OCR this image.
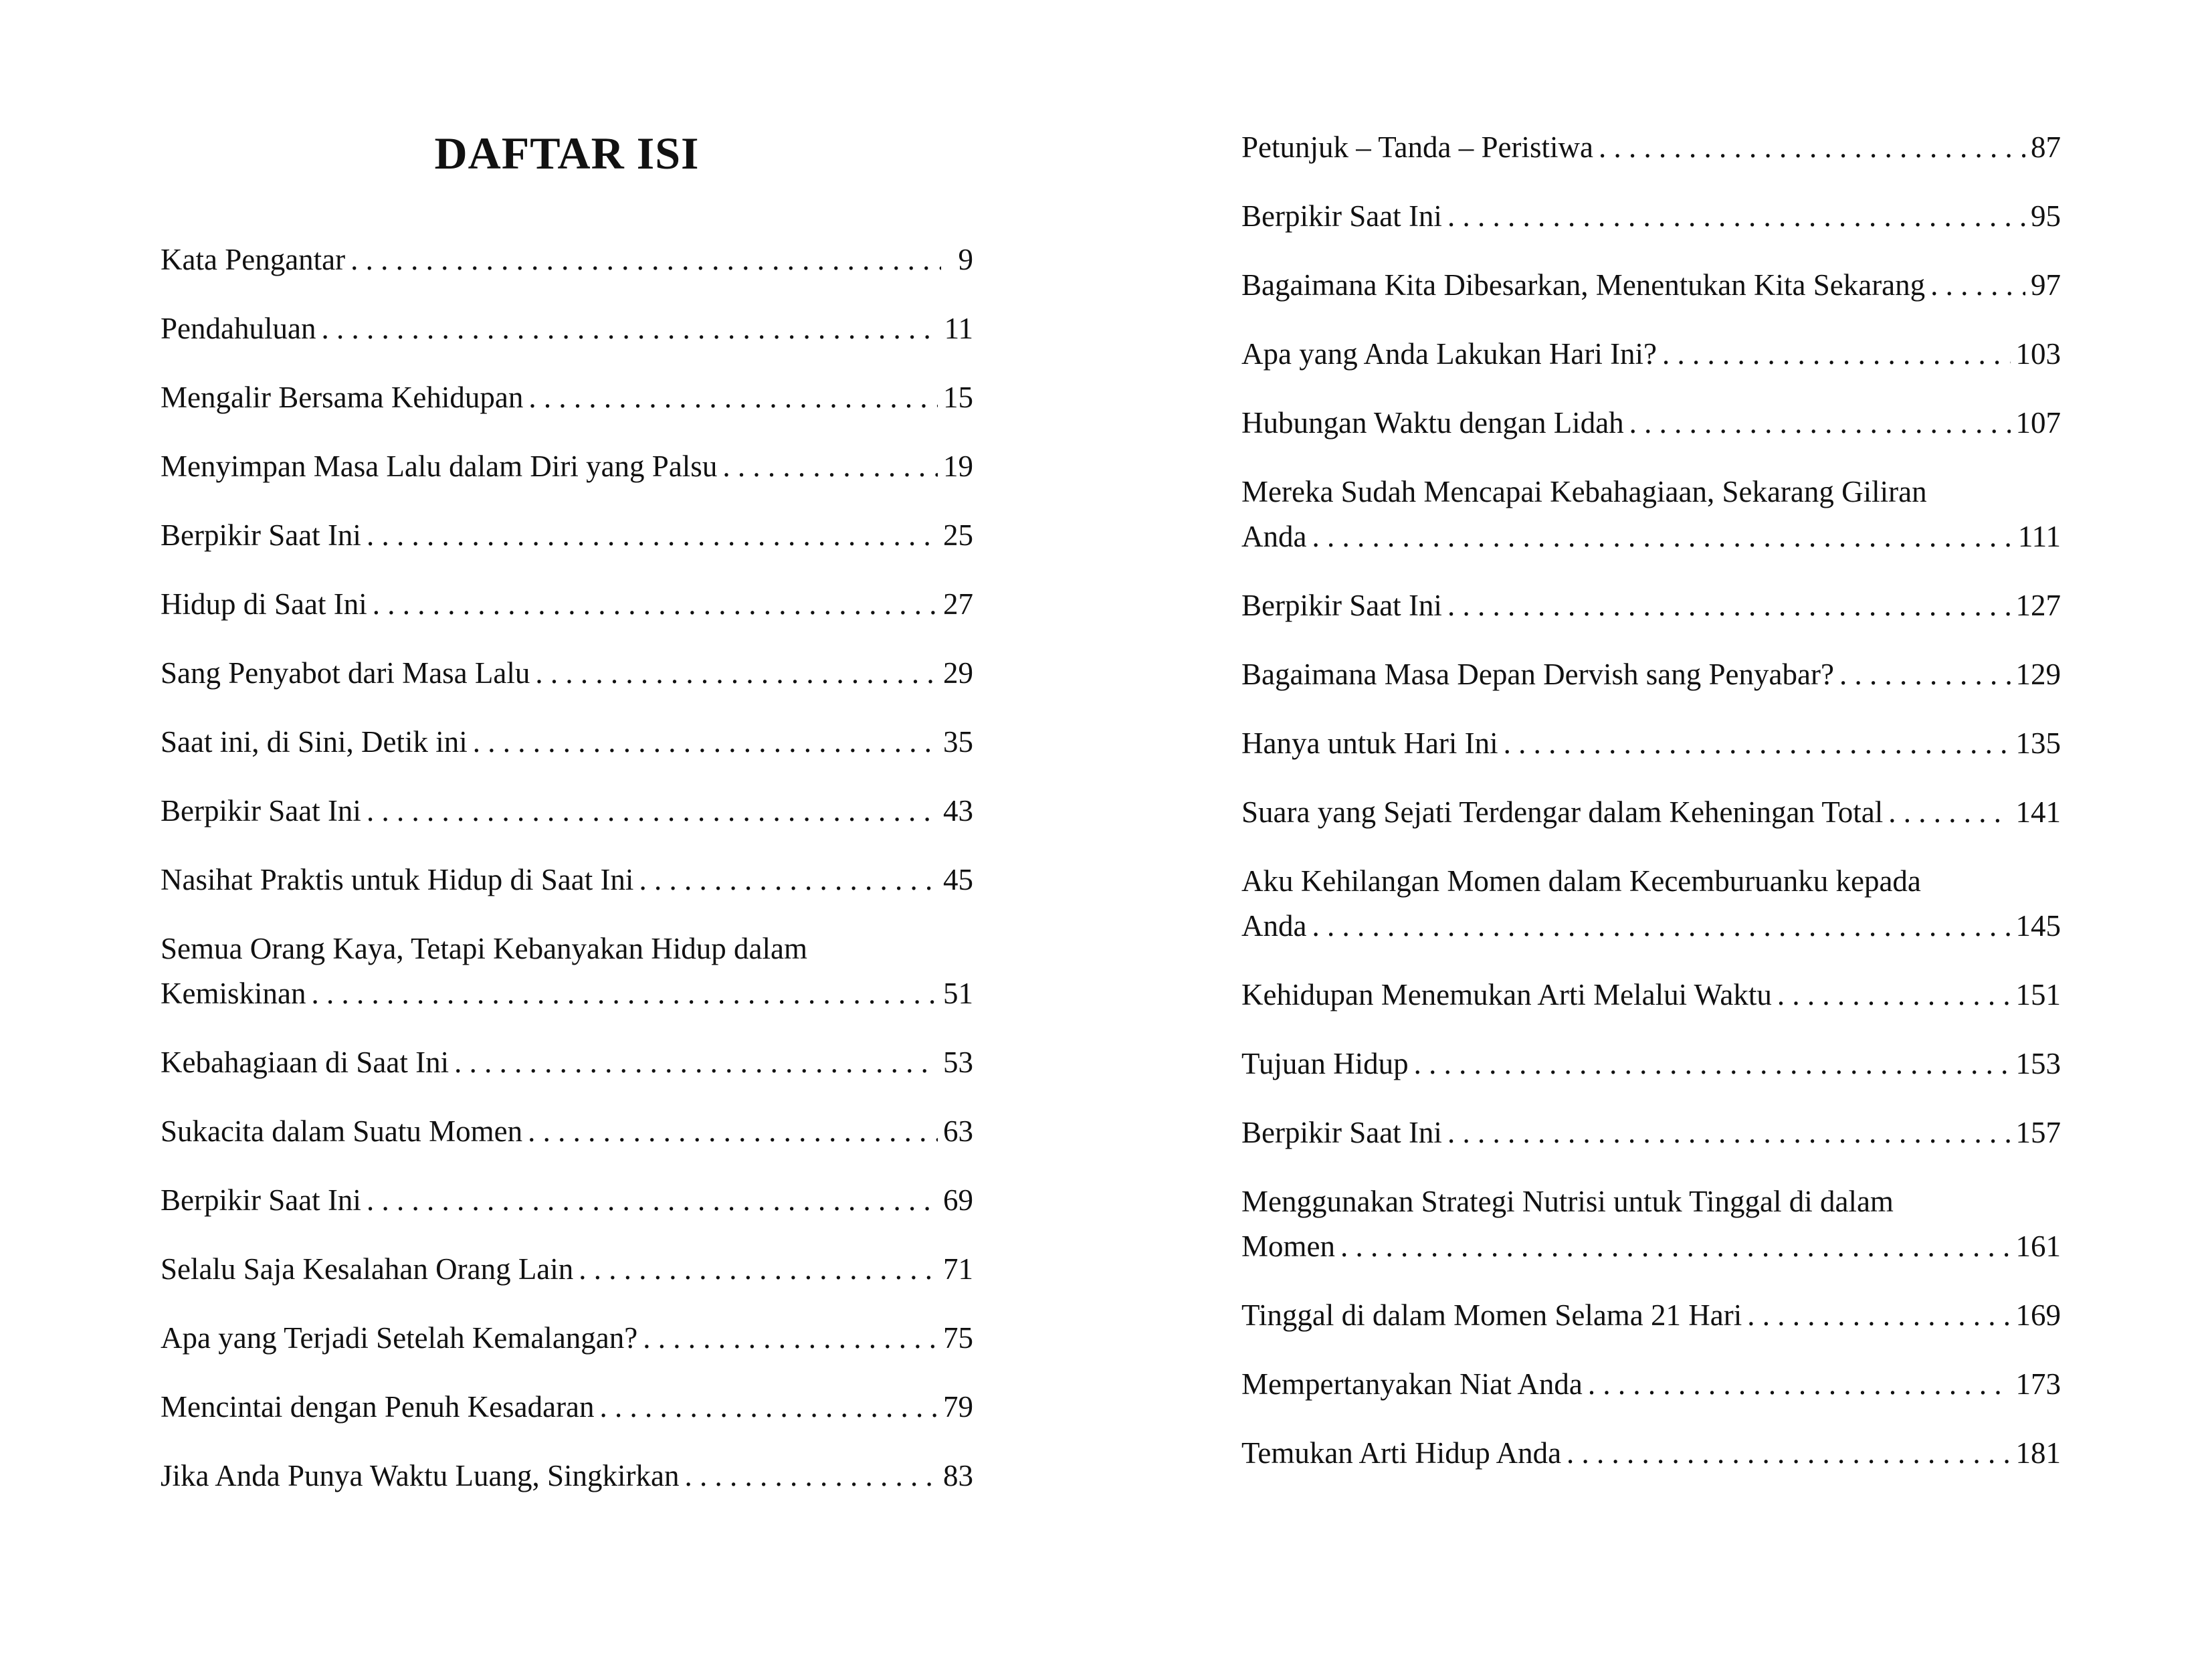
DAFTAR ISI
Kata Pengantar . . .	9
Pendahuluan . . .	11
Mengalir Bersama Kehidupan . . .	15
Menyimpan Masa Lalu dalam Diri yang Palsu . . .	19
Berpikir Saat Ini . . .	25
Hidup di Saat Ini . . .	27
Sang Penyabot dari Masa Lalu . . .	29
Saat ini, di Sini, Detik ini . . .	35
Berpikir Saat Ini . . .	43
Nasihat Praktis untuk Hidup di Saat Ini . . .	45
Semua Orang Kaya, Tetapi Kebanyakan Hidup dalam
Kemiskinan . . .	51
Kebahagiaan di Saat Ini . . .	53
Sukacita dalam Suatu Momen . . .	63
Berpikir Saat Ini . . .	69
Selalu Saja Kesalahan Orang Lain . . .	71
Apa yang Terjadi Setelah Kemalangan? . . .	75
Mencintai dengan Penuh Kesadaran . . .	79
Jika Anda Punya Waktu Luang, Singkirkan . . .	83
Petunjuk – Tanda – Peristiwa . . .	87
Berpikir Saat Ini . . .	95
Bagaimana Kita Dibesarkan, Menentukan Kita Sekarang . . .	97
Apa yang Anda Lakukan Hari Ini? . . .	103
Hubungan Waktu dengan Lidah . . .	107
Mereka Sudah Mencapai Kebahagiaan, Sekarang Giliran
Anda . . .	111
Berpikir Saat Ini . . .	127
Bagaimana Masa Depan Dervish sang Penyabar? . . .	129
Hanya untuk Hari Ini . . .	135
Suara yang Sejati Terdengar dalam Keheningan Total . . .	141
Aku Kehilangan Momen dalam Kecemburuanku kepada
Anda . . .	145
Kehidupan Menemukan Arti Melalui Waktu . . .	151
Tujuan Hidup . . .	153
Berpikir Saat Ini . . .	157
Menggunakan Strategi Nutrisi untuk Tinggal di dalam
Momen . . .	161
Tinggal di dalam Momen Selama 21 Hari . . .	169
Mempertanyakan Niat Anda . . .	173
Temukan Arti Hidup Anda . . .	181
